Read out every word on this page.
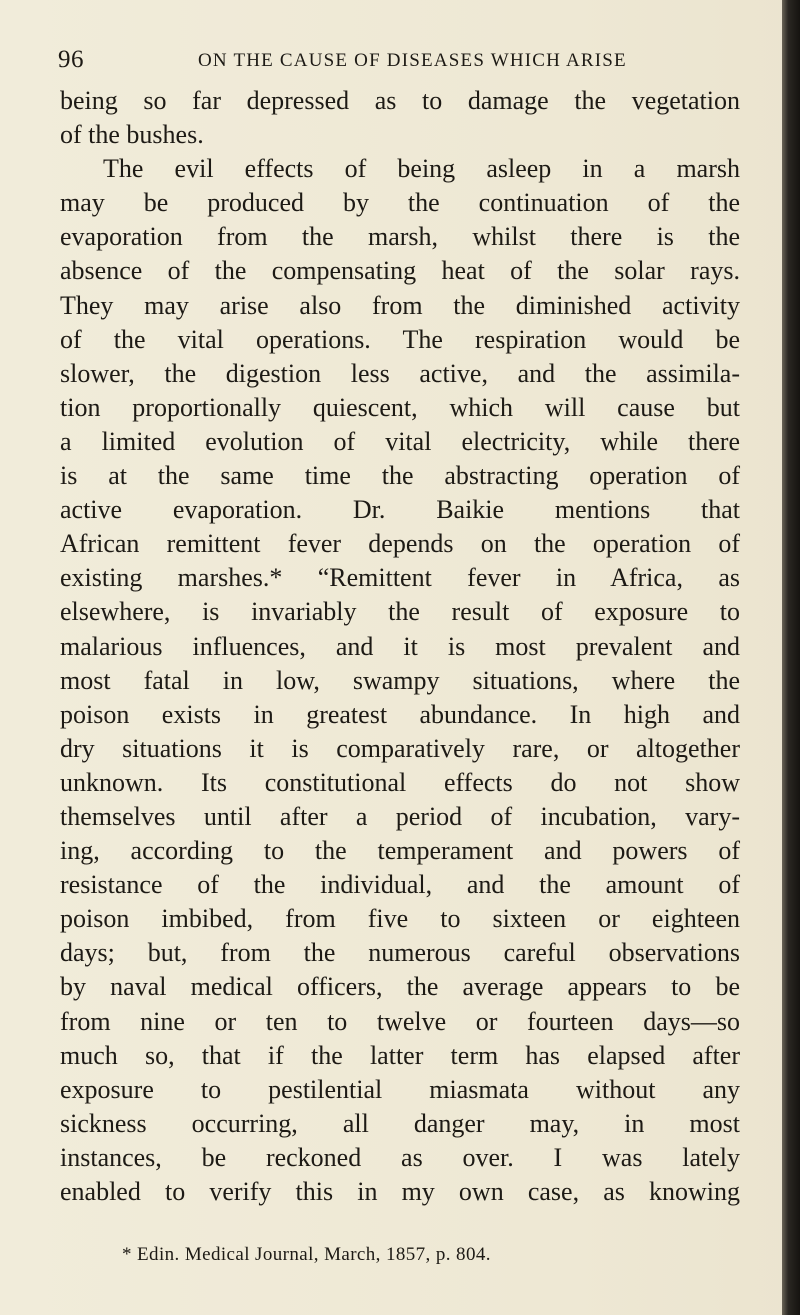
96	ON THE CAUSE OF DISEASES WHICH ARISE
being so far depressed as to damage the vegetation
of the bushes.
The evil effects of being asleep in a marsh
may be produced by the continuation of the
evaporation from the marsh, whilst there is the
absence of the compensating heat of the solar rays.
They may arise also from the diminished activity
of the vital operations. The respiration would be
slower, the digestion less active, and the assimila-
tion proportionally quiescent, which will cause but
a limited evolution of vital electricity, while there
is at the same time the abstracting operation of
active evaporation. Dr. Baikie mentions that
African remittent fever depends on the operation of
existing marshes.* “Remittent fever in Africa, as
elsewhere, is invariably the result of exposure to
malarious influences, and it is most prevalent and
most fatal in low, swampy situations, where the
poison exists in greatest abundance. In high and
dry situations it is comparatively rare, or altogether
unknown. Its constitutional effects do not show
themselves until after a period of incubation, vary-
ing, according to the temperament and powers of
resistance of the individual, and the amount of
poison imbibed, from five to sixteen or eighteen
days; but, from the numerous careful observations
by naval medical officers, the average appears to be
from nine or ten to twelve or fourteen days—so
much so, that if the latter term has elapsed after
exposure to pestilential miasmata without any
sickness occurring, all danger may, in most
instances, be reckoned as over. I was lately
enabled to verify this in my own case, as knowing
* Edin. Medical Journal, March, 1857, p. 804.
